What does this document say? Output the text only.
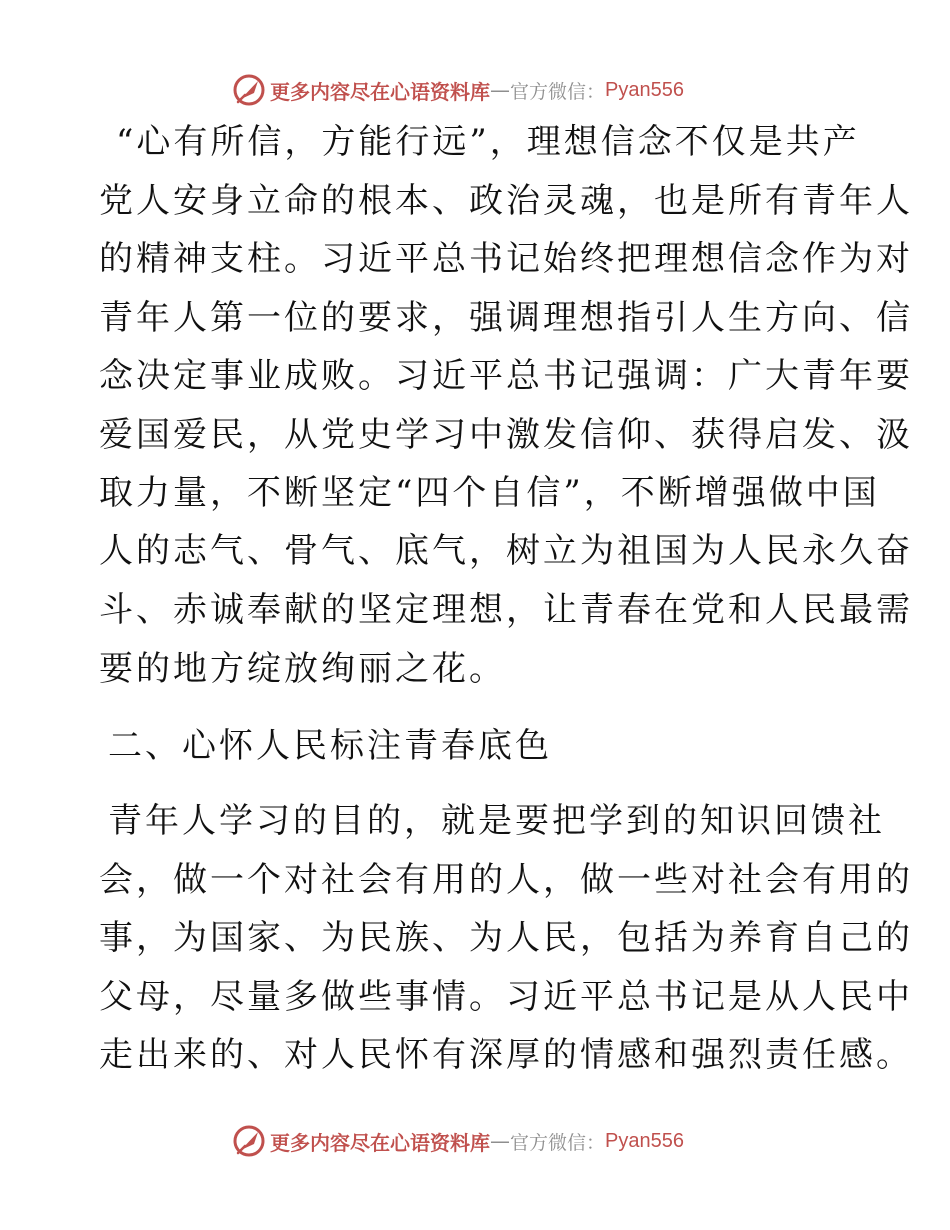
更多内容尽在心语资料库 — 官方微信： Pyan556
“心有所信，方能行远”，理想信念不仅是共产
党人安身立命的根本、政治灵魂，也是所有青年人
的精神支柱。习近平总书记始终把理想信念作为对
青年人第一位的要求，强调理想指引人生方向、信
念决定事业成败。习近平总书记强调：广大青年要
爱国爱民，从党史学习中激发信仰、获得启发、汲
取力量，不断坚定“四个自信”，不断增强做中国
人的志气、骨气、底气，树立为祖国为人民永久奋
斗、赤诚奉献的坚定理想，让青春在党和人民最需
要的地方绽放绚丽之花。
二、心怀人民标注青春底色
青年人学习的目的，就是要把学到的知识回馈社
会，做一个对社会有用的人，做一些对社会有用的
事，为国家、为民族、为人民，包括为养育自己的
父母，尽量多做些事情。习近平总书记是从人民中
走出来的、对人民怀有深厚的情感和强烈责任感。
更多内容尽在心语资料库 — 官方微信： Pyan556
